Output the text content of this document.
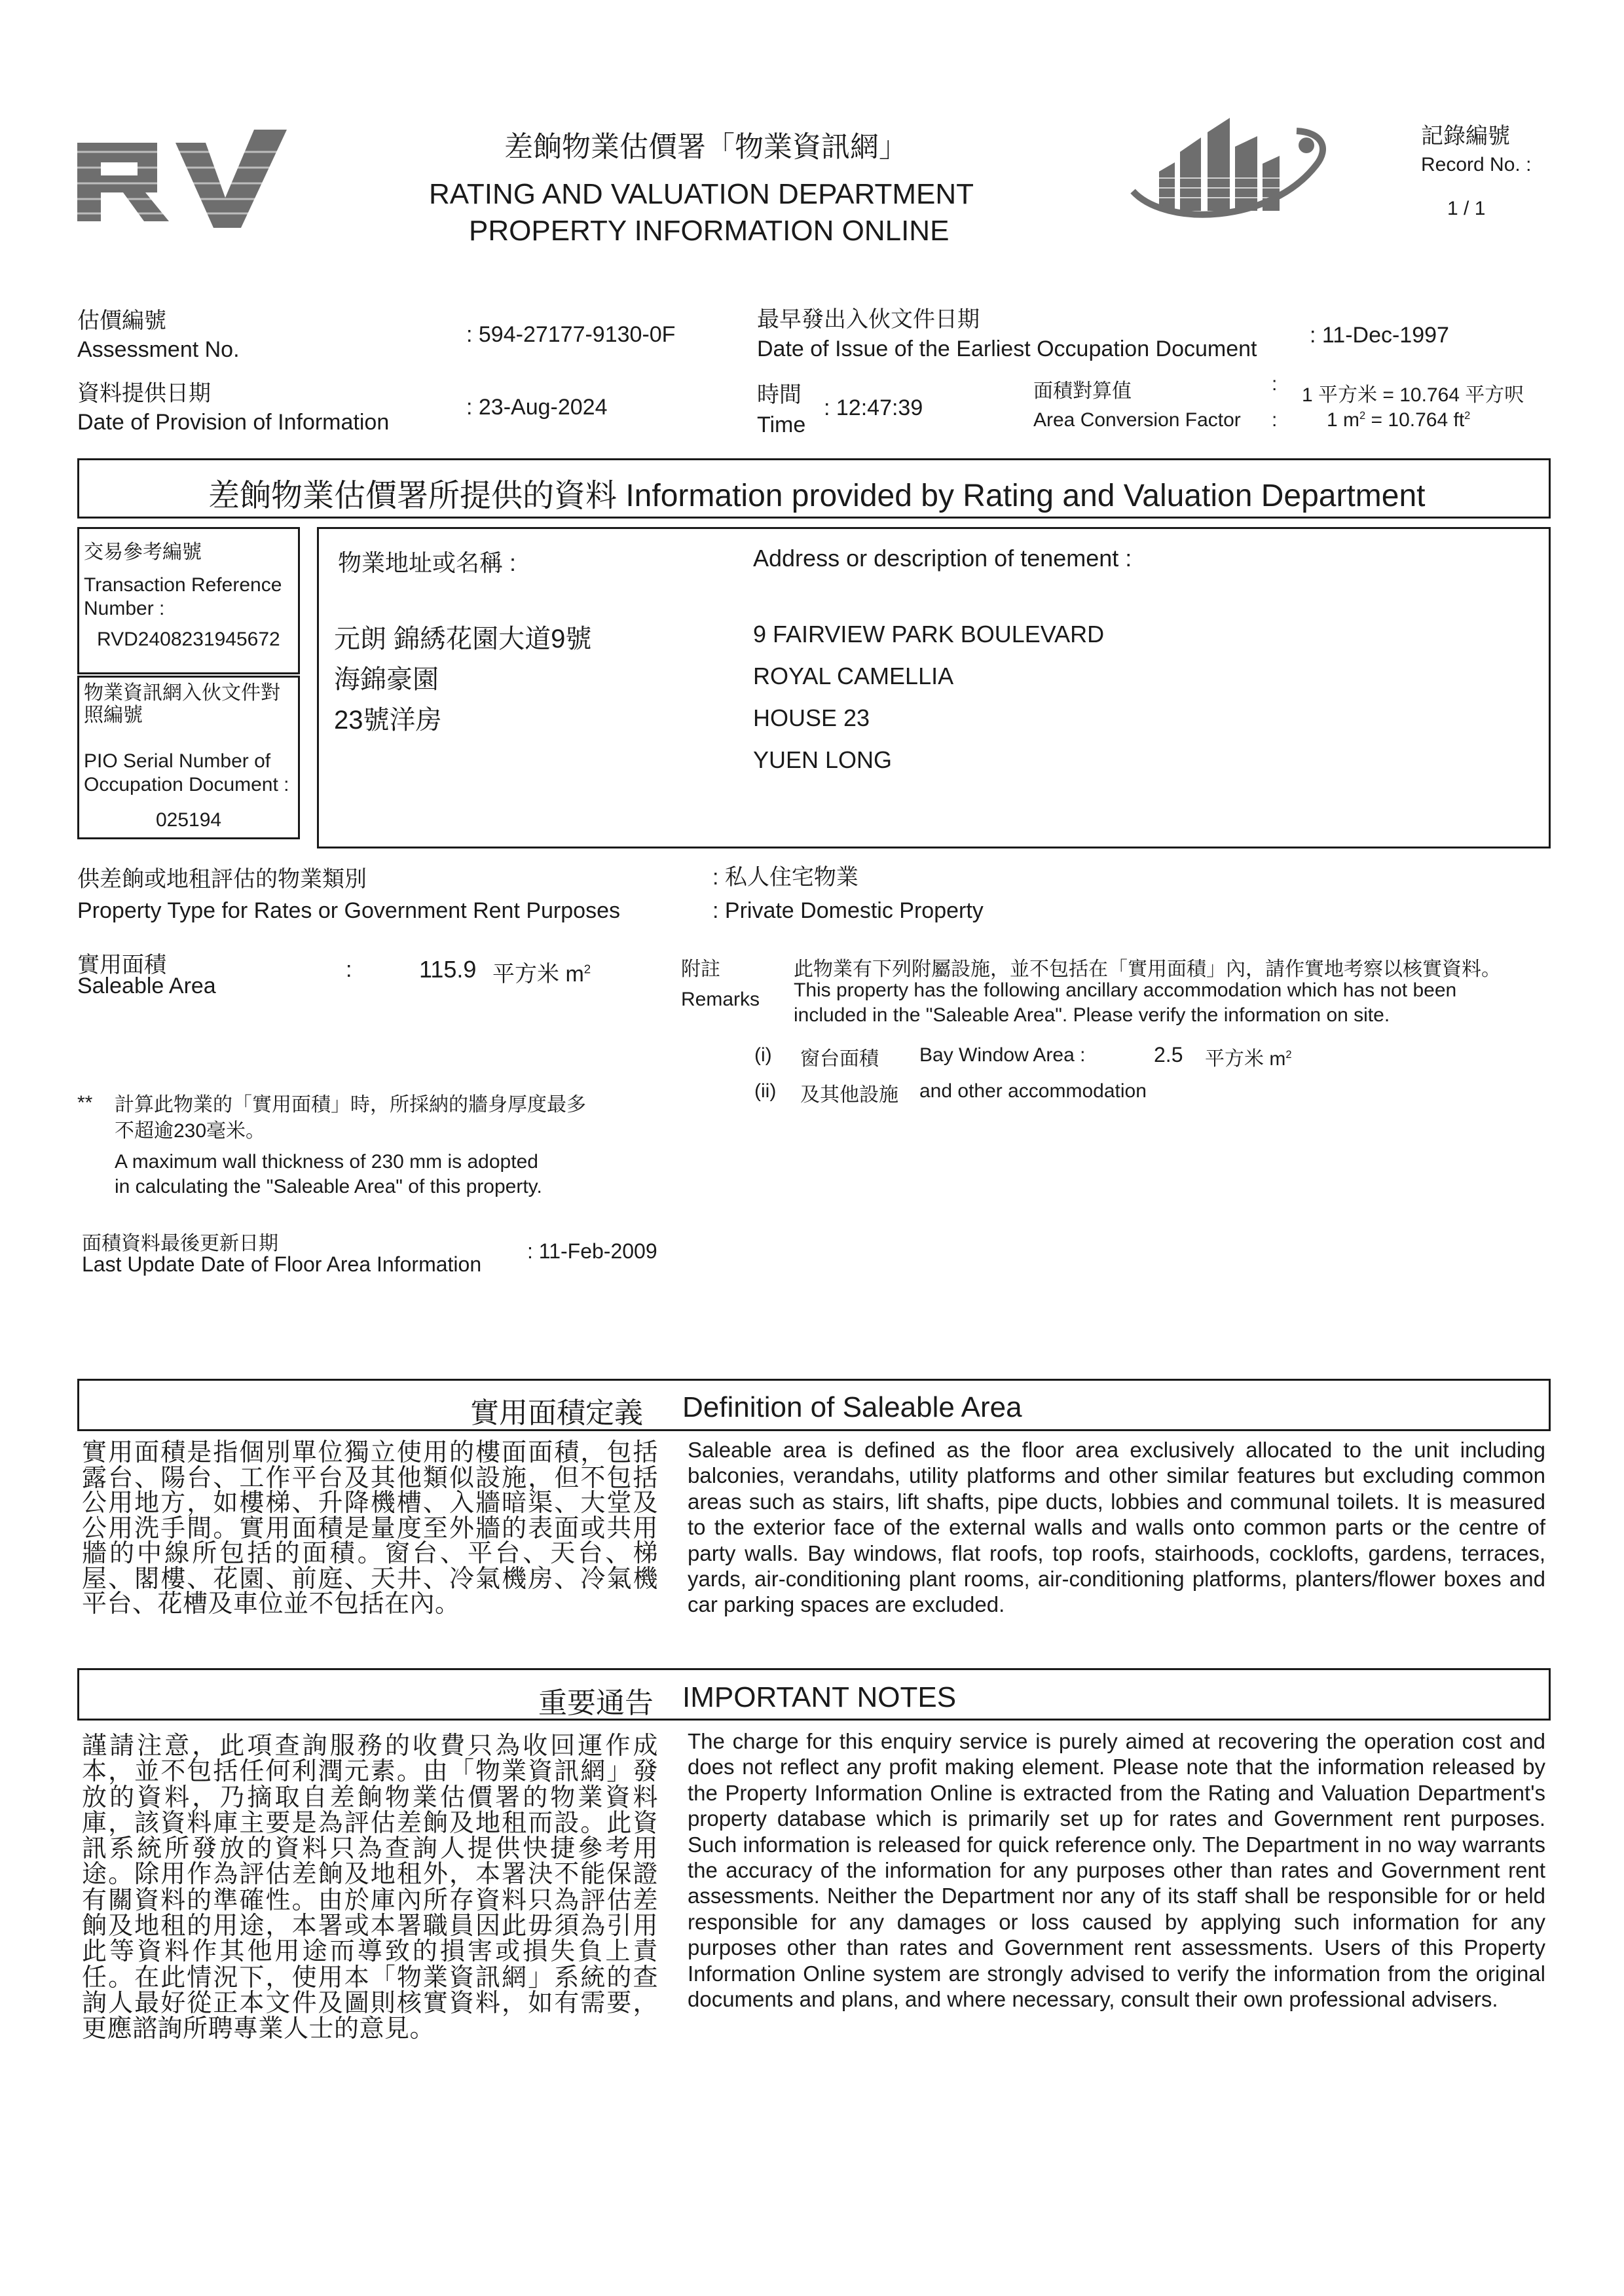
差餉物業估價署「物業資訊網」
RATING AND VALUATION DEPARTMENT
PROPERTY INFORMATION ONLINE
記錄編號
Record No. :
1 / 1
估價編號
Assessment No.
: 594-27177-9130-0F
資料提供日期
Date of Provision of Information
: 23-Aug-2024
最早發出入伙文件日期
Date of Issue of the Earliest Occupation Document
: 11-Dec-1997
時間
Time
: 12:47:39
面積對算值
Area Conversion Factor
:
:
1 平方米 = 10.764 平方呎
1 $m^2 = 10.764$ $ft^2$
差餉物業估價署所提供的資料 Information provided by Rating and Valuation Department
交易參考編號
Transaction Reference Number :
RVD2408231945672
物業資訊網入伙文件對照編號
PIO Serial Number of Occupation Document :
025194
物業地址或名稱 :	Address or description of tenement :
元朗 錦綉花園大道9號
海錦豪園
23號洋房
9 FAIRVIEW PARK BOULEVARD
ROYAL CAMELLIA
HOUSE 23
YUEN LONG
供差餉或地租評估的物業類別
Property Type for Rates or Government Rent Purposes
: 私人住宅物業
: Private Domestic Property
實用面積
Saleable Area
:	115.9 平方米 $m^2$	附註
Remarks
此物業有下列附屬設施，並不包括在「實用面積」內，請作實地考察以核實資料。
This property has the following ancillary accommodation which has not been
included in the "Saleable Area". Please verify the information on site.
(i) 窗台面積 Bay Window Area :	2.5 平方米 $m^2$
(ii) 及其他設施 and other accommodation
** 計算此物業的「實用面積」時，所採納的牆身厚度最多
不超逾230毫米。
A maximum wall thickness of 230 mm is adopted
in calculating the "Saleable Area" of this property.
面積資料最後更新日期
Last Update Date of Floor Area Information
: 11-Feb-2009
實用面積定義 Definition of Saleable Area
實用面積是指個別單位獨立使用的樓面面積，包括露台、陽台、工作平台及其他類似設施，但不包括公用地方，如樓梯、升降機槽、入牆暗渠、大堂及公用洗手間。實用面積是量度至外牆的表面或共用牆的中線所包括的面積。窗台、平台、天台、梯屋、閣樓、花園、前庭、天井、冷氣機房、冷氣機平台、花槽及車位並不包括在內。
Saleable area is defined as the floor area exclusively allocated to the unit including balconies, verandahs, utility platforms and other similar features but excluding common areas such as stairs, lift shafts, pipe ducts, lobbies and communal toilets. It is measured to the exterior face of the external walls and walls onto common parts or the centre of party walls. Bay windows, flat roofs, top roofs, stairhoods, cocklofts, gardens, terraces, yards, air-conditioning plant rooms, air-conditioning platforms, planters/flower boxes and car parking spaces are excluded.
重要通告 IMPORTANT NOTES
謹請注意，此項查詢服務的收費只為收回運作成本，並不包括任何利潤元素。由「物業資訊網」發放的資料，乃摘取自差餉物業估價署的物業資料庫，該資料庫主要是為評估差餉及地租而設。此資訊系統所發放的資料只為查詢人提供快捷參考用途。除用作為評估差餉及地租外，本署決不能保證有關資料的準確性。由於庫內所存資料只為評估差餉及地租的用途，本署或本署職員因此毋須為引用此等資料作其他用途而導致的損害或損失負上責任。在此情況下，使用本「物業資訊網」系統的查詢人最好從正本文件及圖則核實資料，如有需要，更應諮詢所聘專業人士的意見。
The charge for this enquiry service is purely aimed at recovering the operation cost and does not reflect any profit making element. Please note that the information released by the Property Information Online is extracted from the Rating and Valuation Department's property database which is primarily set up for rates and Government rent purposes. Such information is released for quick reference only. The Department in no way warrants the accuracy of the information for any purposes other than rates and Government rent assessments. Neither the Department nor any of its staff shall be responsible for or held responsible for any damages or loss caused by applying such information for any purposes other than rates and Government rent assessments. Users of this Property Information Online system are strongly advised to verify the information from the original documents and plans, and where necessary, consult their own professional advisers.
